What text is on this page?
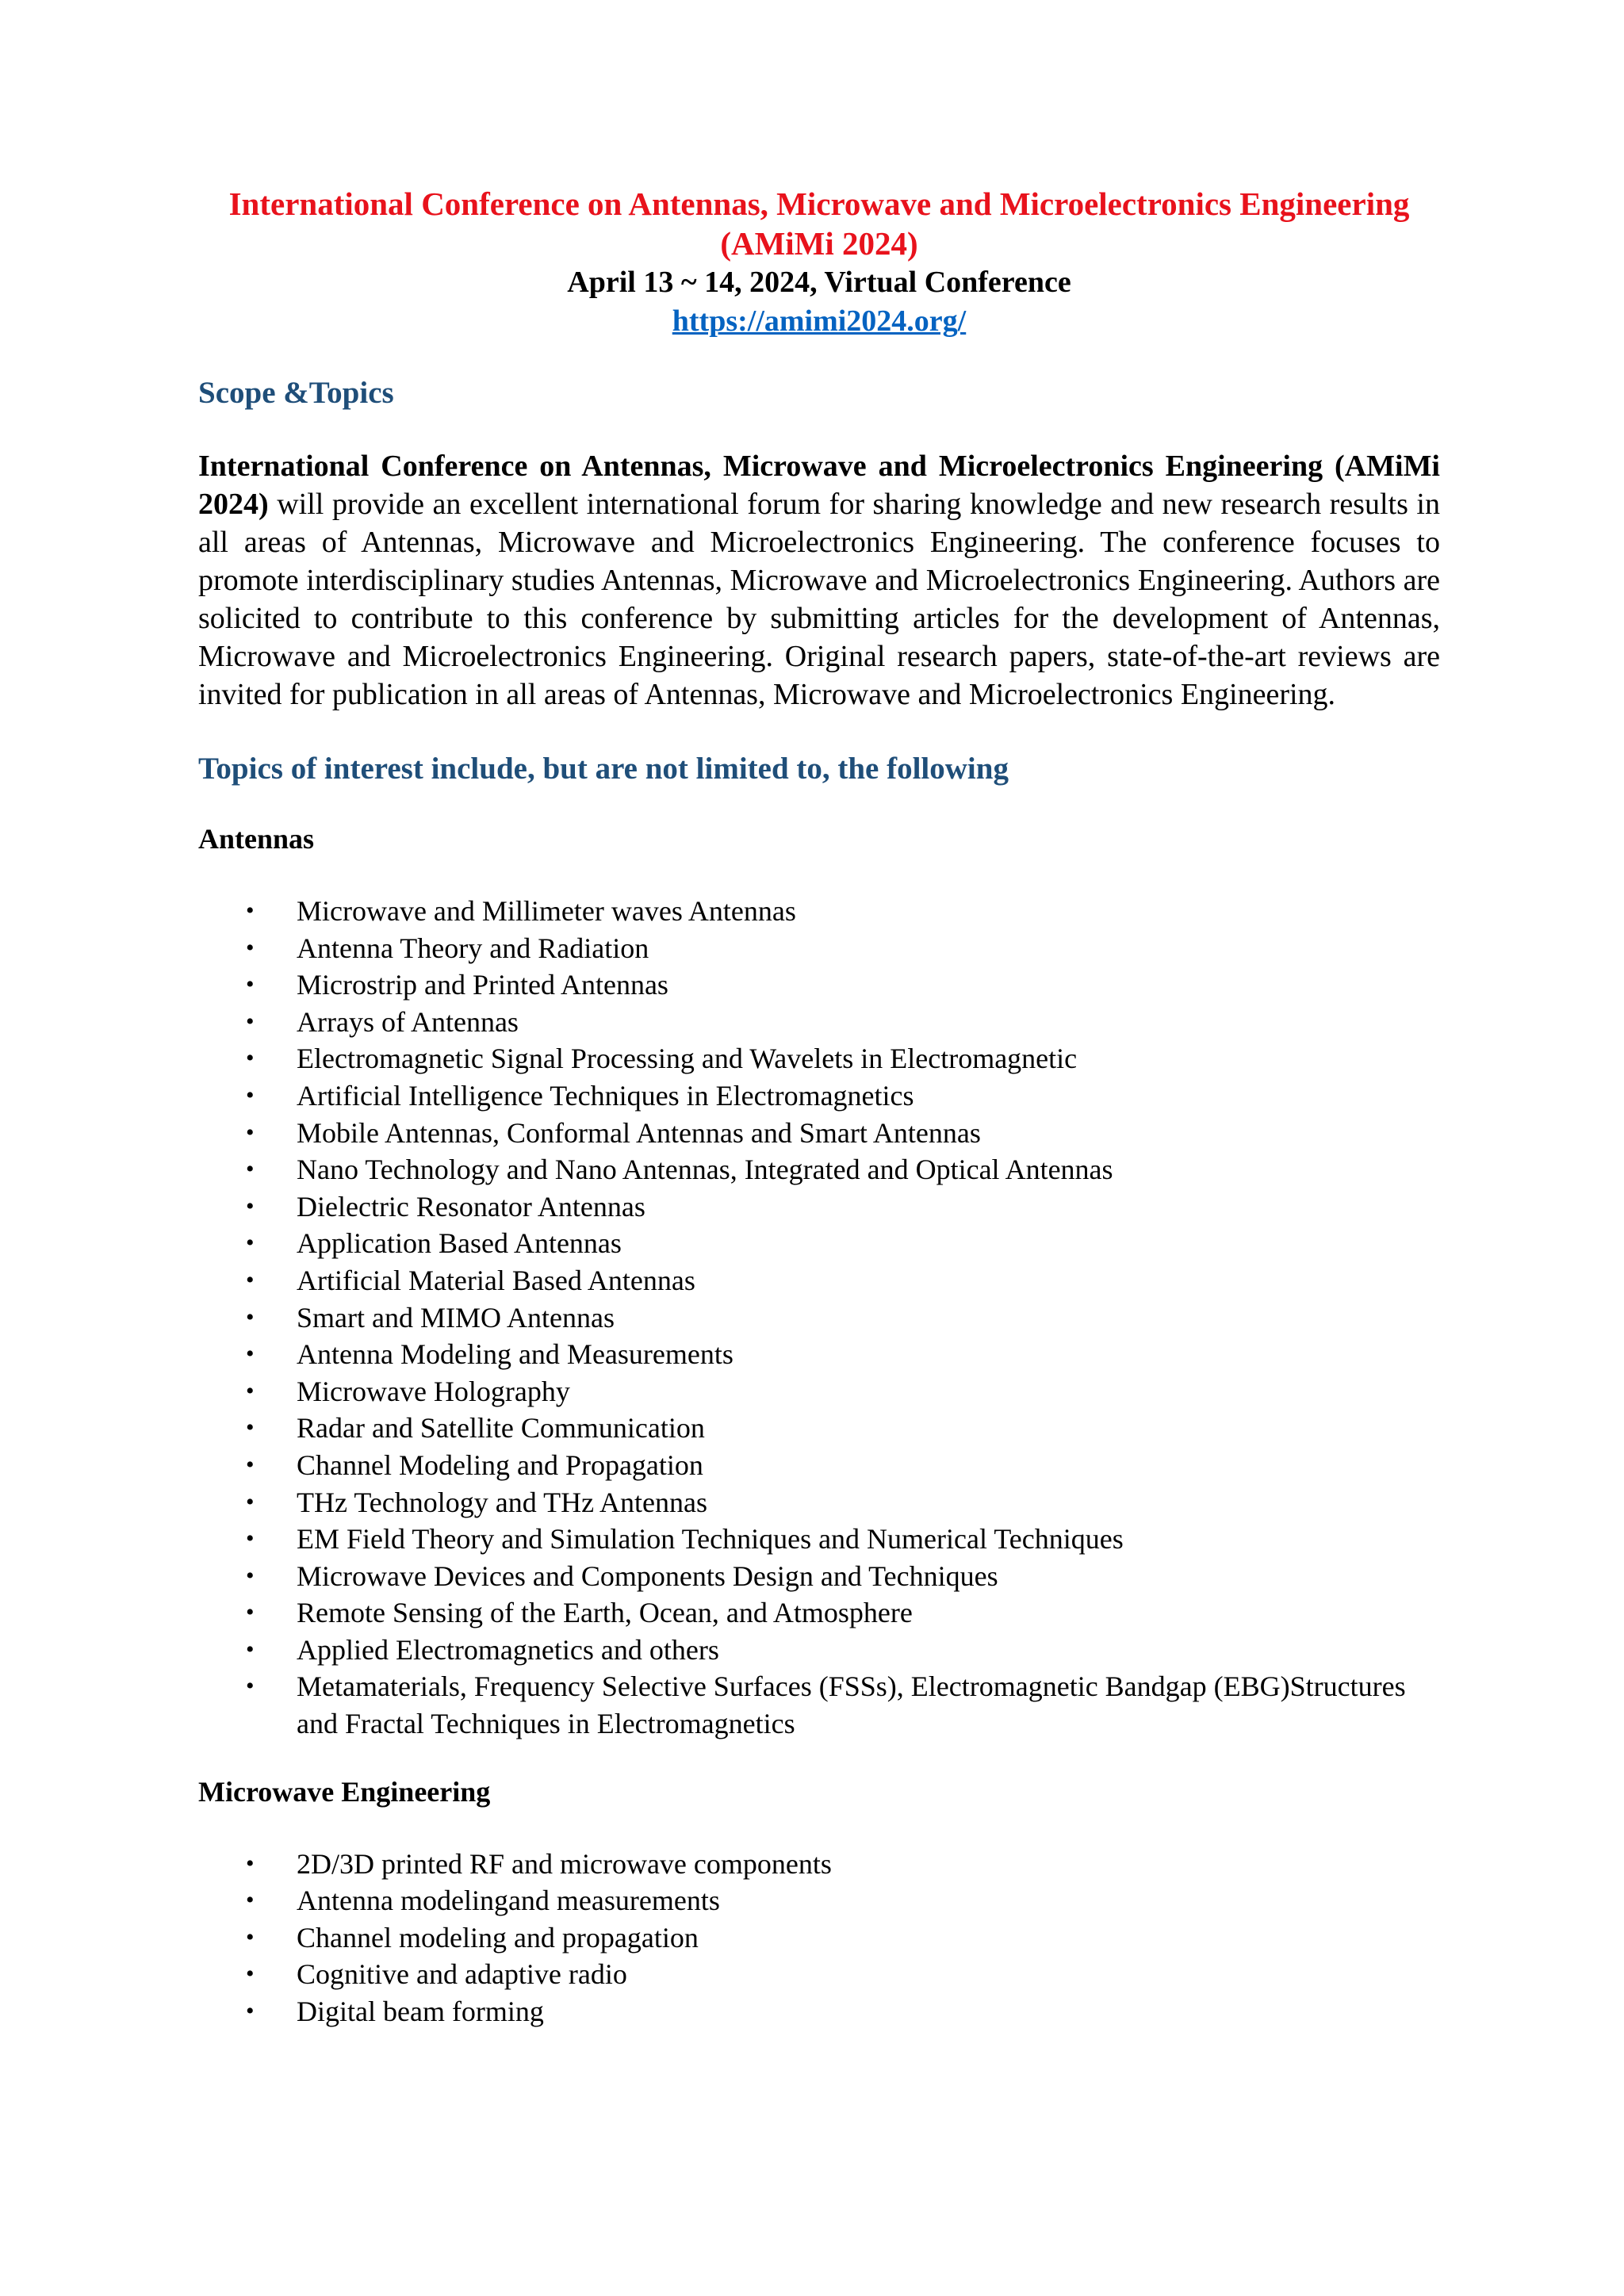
International Conference on Antennas, Microwave and Microelectronics Engineering (AMiMi 2024)

April 13 ~ 14, 2024, Virtual Conference

https://amimi2024.org/
Scope &Topics

International Conference on Antennas, Microwave and Microelectronics Engineering (AMiMi 2024) will provide an excellent international forum for sharing knowledge and new research results in all areas of Antennas, Microwave and Microelectronics Engineering. The conference focuses to promote interdisciplinary studies Antennas, Microwave and Microelectronics Engineering. Authors are solicited to contribute to this conference by submitting articles for the development of Antennas, Microwave and Microelectronics Engineering. Original research papers, state-of-the-art reviews are invited for publication in all areas of Antennas, Microwave and Microelectronics Engineering.

Topics of interest include, but are not limited to, the following
Antennas
• Microwave and Millimeter waves Antennas
• Antenna Theory and Radiation
• Microstrip and Printed Antennas
• Arrays of Antennas
• Electromagnetic Signal Processing and Wavelets in Electromagnetic
• Artificial Intelligence Techniques in Electromagnetics
• Mobile Antennas, Conformal Antennas and Smart Antennas
• Nano Technology and Nano Antennas, Integrated and Optical Antennas
• Dielectric Resonator Antennas
• Application Based Antennas
• Artificial Material Based Antennas
• Smart and MIMO Antennas
• Antenna Modeling and Measurements
• Microwave Holography
• Radar and Satellite Communication
• Channel Modeling and Propagation
• THz Technology and THz Antennas
• EM Field Theory and Simulation Techniques and Numerical Techniques
• Microwave Devices and Components Design and Techniques
• Remote Sensing of the Earth, Ocean, and Atmosphere
• Applied Electromagnetics and others
• Metamaterials, Frequency Selective Surfaces (FSSs), Electromagnetic Bandgap (EBG)Structures and Fractal Techniques in Electromagnetics
Microwave Engineering
• 2D/3D printed RF and microwave components
• Antenna modelingand measurements
• Channel modeling and propagation
• Cognitive and adaptive radio
• Digital beam forming
